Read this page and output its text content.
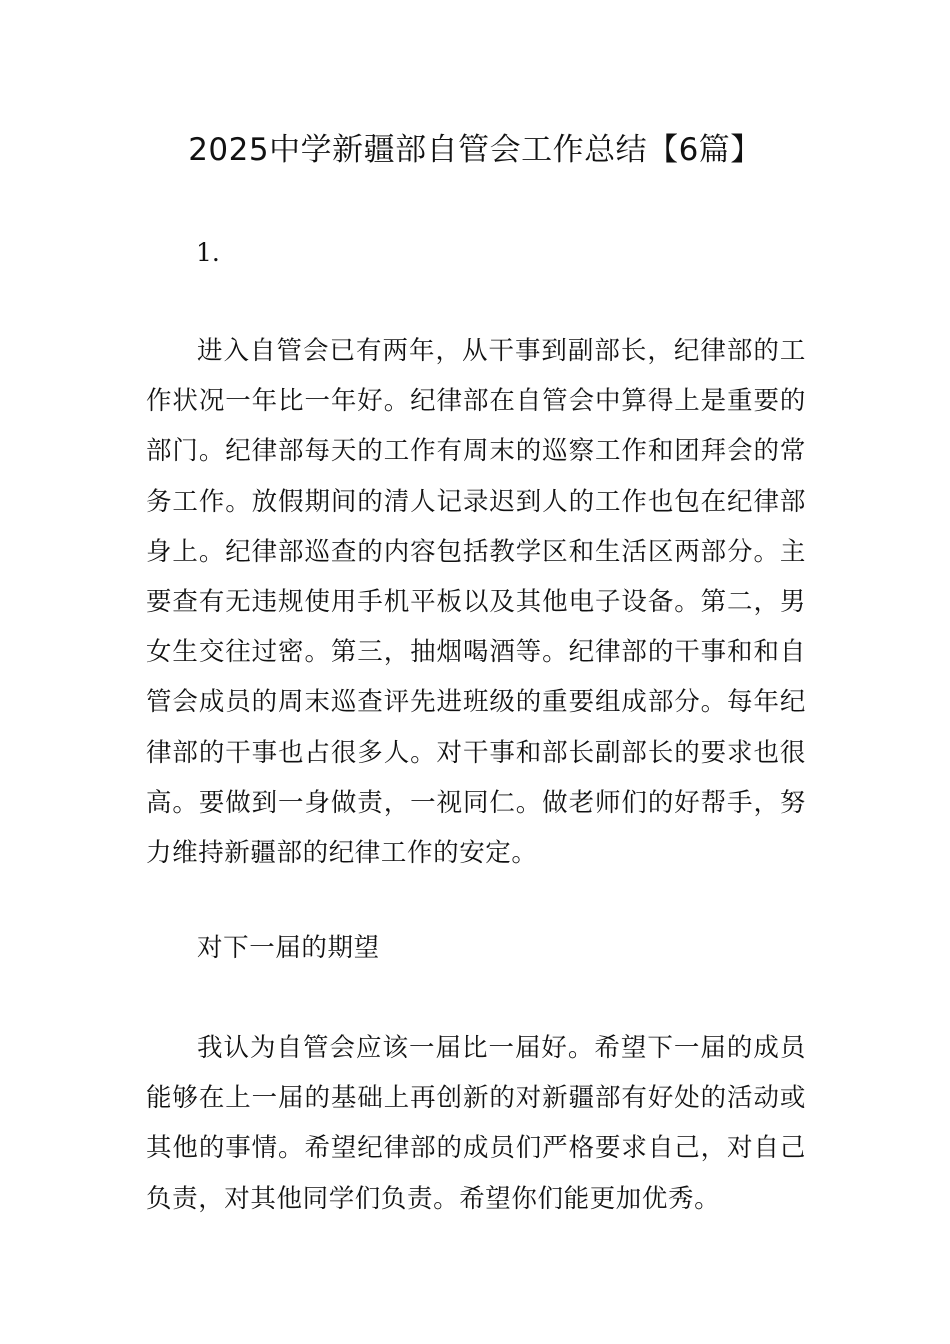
2025中学新疆部自管会工作总结【6篇】

1.

进入自管会已有两年，从干事到副部长，纪律部的工作状况一年比一年好。纪律部在自管会中算得上是重要的部门。纪律部每天的工作有周末的巡察工作和团拜会的常务工作。放假期间的清人记录迟到人的工作也包在纪律部身上。纪律部巡查的内容包括教学区和生活区两部分。主要查有无违规使用手机平板以及其他电子设备。第二，男女生交往过密。第三，抽烟喝酒等。纪律部的干事和和自管会成员的周末巡查评先进班级的重要组成部分。每年纪律部的干事也占很多人。对干事和部长副部长的要求也很高。要做到一身做责，一视同仁。做老师们的好帮手，努力维持新疆部的纪律工作的安定。

对下一届的期望

我认为自管会应该一届比一届好。希望下一届的成员能够在上一届的基础上再创新的对新疆部有好处的活动或其他的事情。希望纪律部的成员们严格要求自己，对自己负责，对其他同学们负责。希望你们能更加优秀。
